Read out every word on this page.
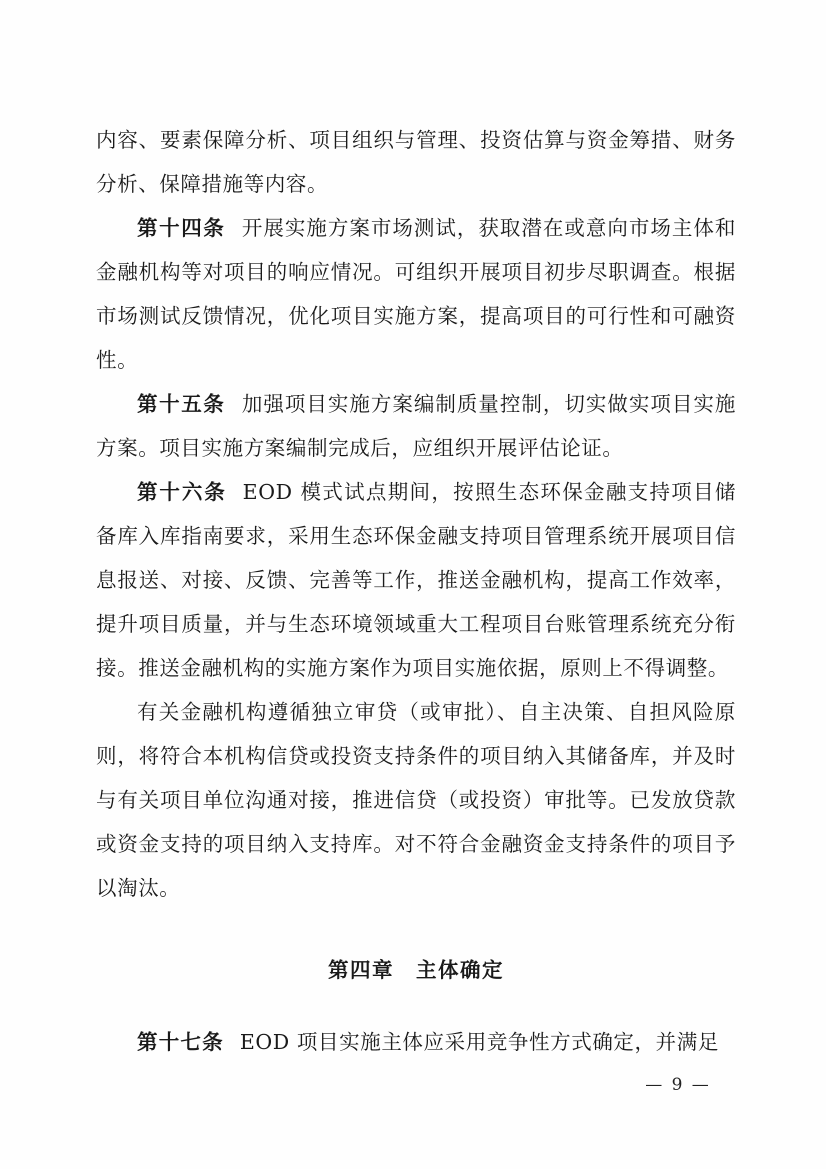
内容、要素保障分析、项目组织与管理、投资估算与资金筹措、财务分析、保障措施等内容。

第十四条 开展实施方案市场测试，获取潜在或意向市场主体和金融机构等对项目的响应情况。可组织开展项目初步尽职调查。根据市场测试反馈情况，优化项目实施方案，提高项目的可行性和可融资性。

第十五条 加强项目实施方案编制质量控制，切实做实项目实施方案。项目实施方案编制完成后，应组织开展评估论证。

第十六条 EOD 模式试点期间，按照生态环保金融支持项目储备库入库指南要求，采用生态环保金融支持项目管理系统开展项目信息报送、对接、反馈、完善等工作，推送金融机构，提高工作效率，提升项目质量，并与生态环境领域重大工程项目台账管理系统充分衔接。推送金融机构的实施方案作为项目实施依据，原则上不得调整。

有关金融机构遵循独立审贷（或审批）、自主决策、自担风险原则，将符合本机构信贷或投资支持条件的项目纳入其储备库，并及时与有关项目单位沟通对接，推进信贷（或投资）审批等。已发放贷款或资金支持的项目纳入支持库。对不符合金融资金支持条件的项目予以淘汰。

第四章 主体确定

第十七条 EOD 项目实施主体应采用竞争性方式确定，并满足

— 9 —
